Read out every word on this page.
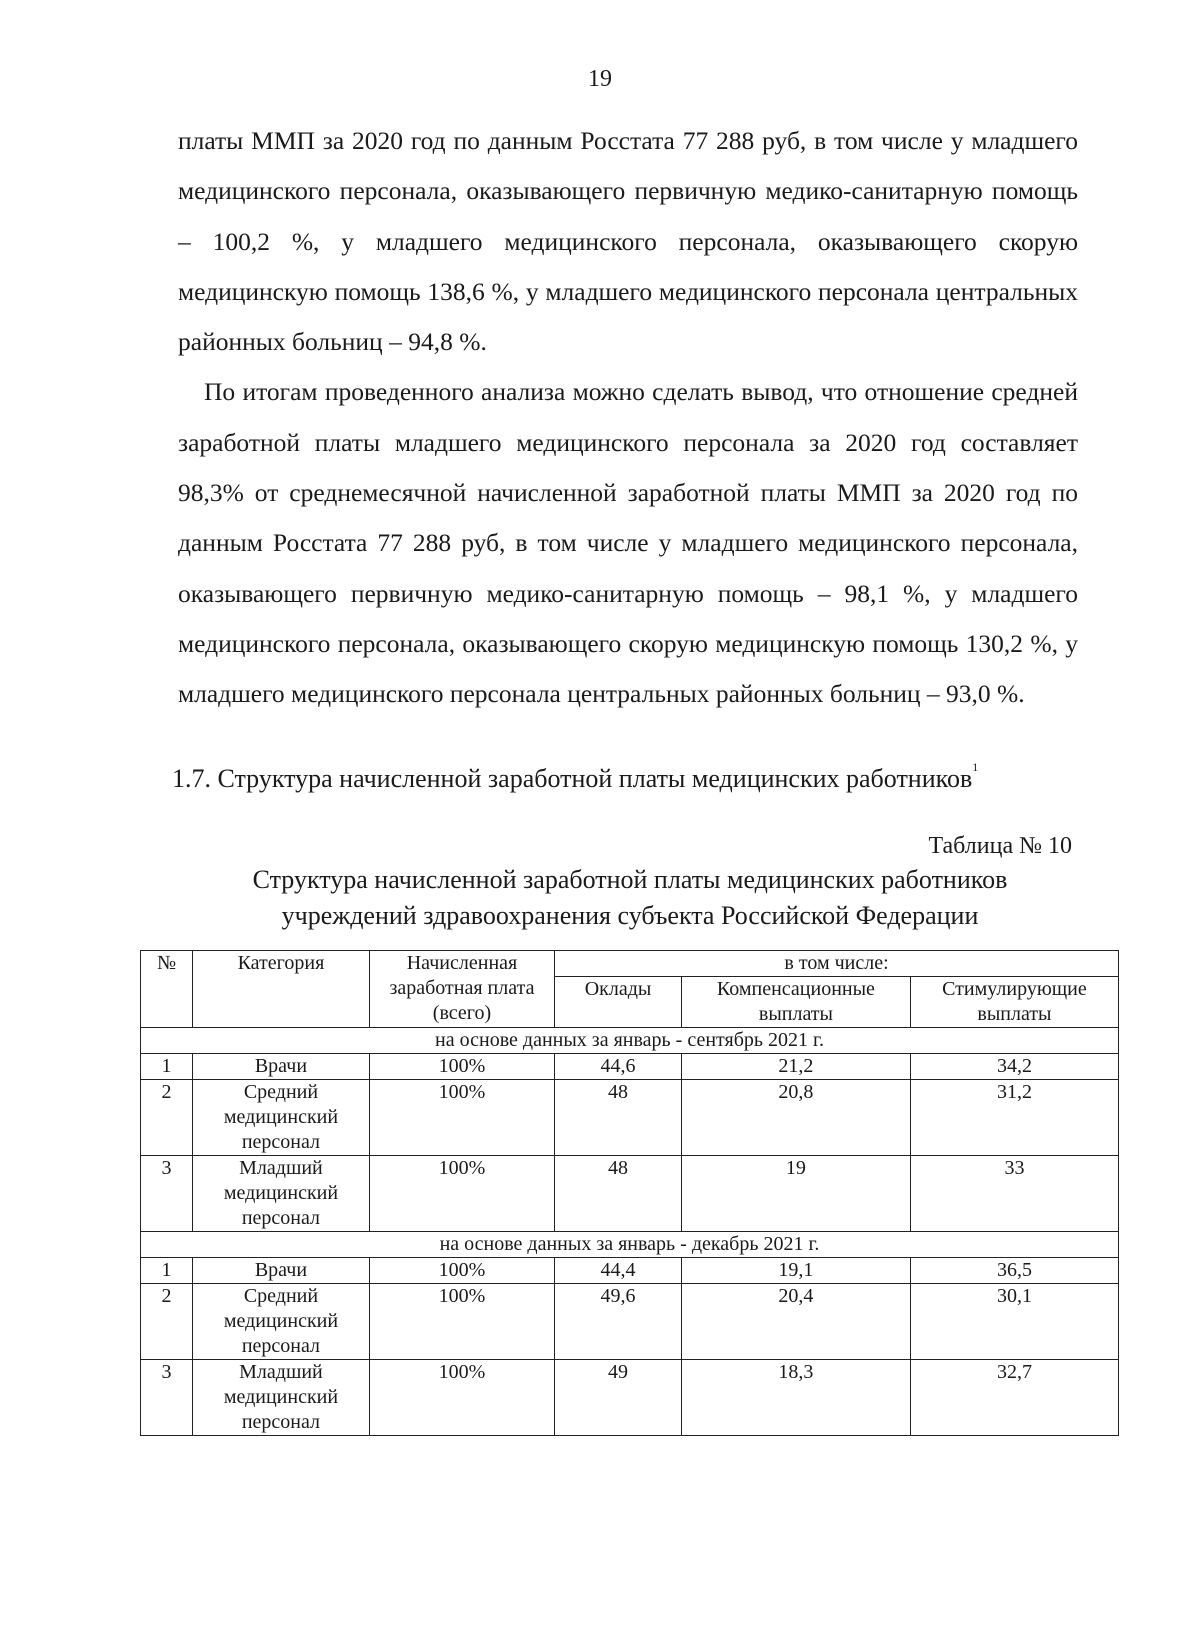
19

платы ММП за 2020 год по данным Росстата 77 288 руб, в том числе у младшего медицинского персонала, оказывающего первичную медико-санитарную помощь – 100,2 %, у младшего медицинского персонала, оказывающего скорую медицинскую помощь 138,6 %, у младшего медицинского персонала центральных районных больниц – 94,8 %.

По итогам проведенного анализа можно сделать вывод, что отношение средней заработной платы младшего медицинского персонала за 2020 год составляет 98,3% от среднемесячной начисленной заработной платы ММП за 2020 год по данным Росстата 77 288 руб, в том числе у младшего медицинского персонала, оказывающего первичную медико-санитарную помощь – 98,1 %, у младшего медицинского персонала, оказывающего скорую медицинскую помощь 130,2 %, у младшего медицинского персонала центральных районных больниц – 93,0 %.

1.7. Структура начисленной заработной платы медицинских работников$^1$
Таблица № 10
Структура начисленной заработной платы медицинских работников
учреждений здравоохранения субъекта Российской Федерации
№	Категория	Начисленная заработная плата (всего)	в том числе:		
			Оклады	Компенсационные выплаты	Стимулирующие выплаты
на основе данных за январь - сентябрь 2021 г.					
1	Врачи	100%	44,6	21,2	34,2
2	Средний медицинский персонал	100%	48	20,8	31,2
3	Младший медицинский персонал	100%	48	19	33
на основе данных за январь - декабрь 2021 г.					
1	Врачи	100%	44,4	19,1	36,5
2	Средний медицинский персонал	100%	49,6	20,4	30,1
3	Младший медицинский персонал	100%	49	18,3	32,7
